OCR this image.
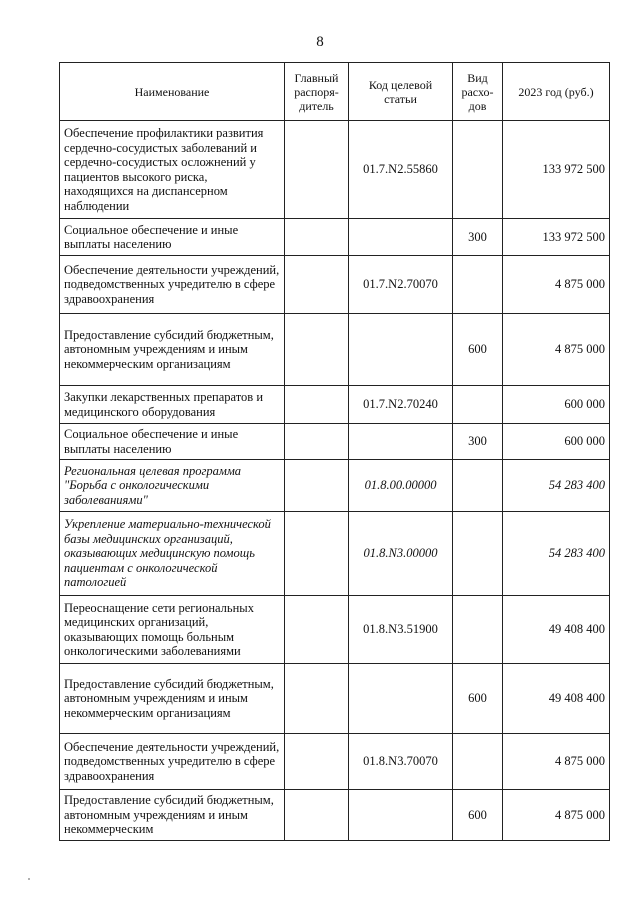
8
Наименование	Главный распоря-дитель	Код целевой статьи	Вид расхо-дов	2023 год (руб.)
Обеспечение профилактики развития сердечно-сосудистых заболеваний и сердечно-сосудистых осложнений у пациентов высокого риска, находящихся на диспансерном наблюдении		01.7.N2.55860		133 972 500
Социальное обеспечение и иные выплаты населению			300	133 972 500
Обеспечение деятельности учреждений, подведомственных учредителю в сфере здравоохранения		01.7.N2.70070		4 875 000
Предоставление субсидий бюджетным, автономным учреждениям и иным некоммерческим организациям			600	4 875 000
Закупки лекарственных препаратов и медицинского оборудования		01.7.N2.70240		600 000
Социальное обеспечение и иные выплаты населению			300	600 000
Региональная целевая программа "Борьба с онкологическими заболеваниями"		01.8.00.00000		54 283 400
Укрепление материально-технической базы медицинских организаций, оказывающих медицинскую помощь пациентам с онкологической патологией		01.8.N3.00000		54 283 400
Переоснащение сети региональных медицинских организаций, оказывающих помощь больным онкологическими заболеваниями		01.8.N3.51900		49 408 400
Предоставление субсидий бюджетным, автономным учреждениям и иным некоммерческим организациям			600	49 408 400
Обеспечение деятельности учреждений, подведомственных учредителю в сфере здравоохранения		01.8.N3.70070		4 875 000
Предоставление субсидий бюджетным, автономным учреждениям и иным некоммерческим			600	4 875 000
